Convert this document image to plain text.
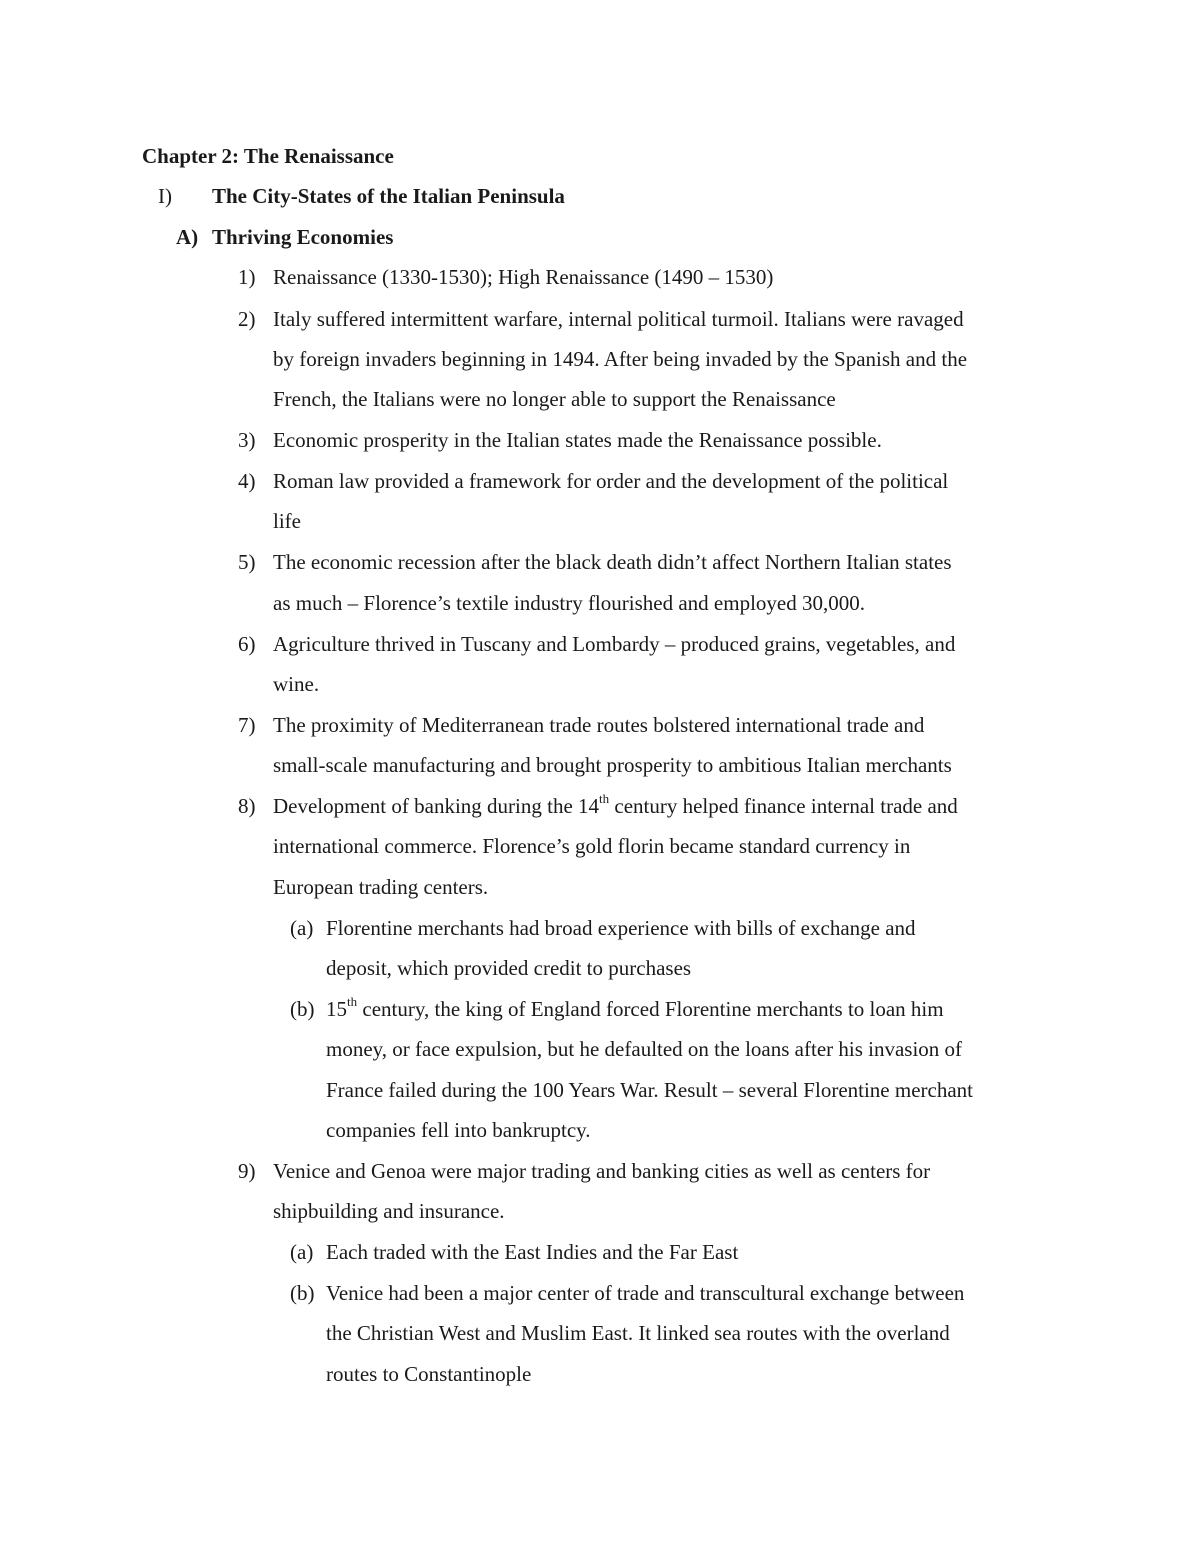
Chapter 2: The Renaissance
I) The City-States of the Italian Peninsula
A) Thriving Economies
1) Renaissance (1330-1530); High Renaissance (1490 – 1530)
2) Italy suffered intermittent warfare, internal political turmoil. Italians were ravaged
by foreign invaders beginning in 1494. After being invaded by the Spanish and the
French, the Italians were no longer able to support the Renaissance
3) Economic prosperity in the Italian states made the Renaissance possible.
4) Roman law provided a framework for order and the development of the political
life
5) The economic recession after the black death didn’t affect Northern Italian states
as much – Florence’s textile industry flourished and employed 30,000.
6) Agriculture thrived in Tuscany and Lombardy – produced grains, vegetables, and
wine.
7) The proximity of Mediterranean trade routes bolstered international trade and
small-scale manufacturing and brought prosperity to ambitious Italian merchants
8) Development of banking during the 14th century helped finance internal trade and
international commerce. Florence’s gold florin became standard currency in
European trading centers.
(a) Florentine merchants had broad experience with bills of exchange and
deposit, which provided credit to purchases
(b) 15th century, the king of England forced Florentine merchants to loan him
money, or face expulsion, but he defaulted on the loans after his invasion of
France failed during the 100 Years War. Result – several Florentine merchant
companies fell into bankruptcy.
9) Venice and Genoa were major trading and banking cities as well as centers for
shipbuilding and insurance.
(a) Each traded with the East Indies and the Far East
(b) Venice had been a major center of trade and transcultural exchange between
the Christian West and Muslim East. It linked sea routes with the overland
routes to Constantinople
